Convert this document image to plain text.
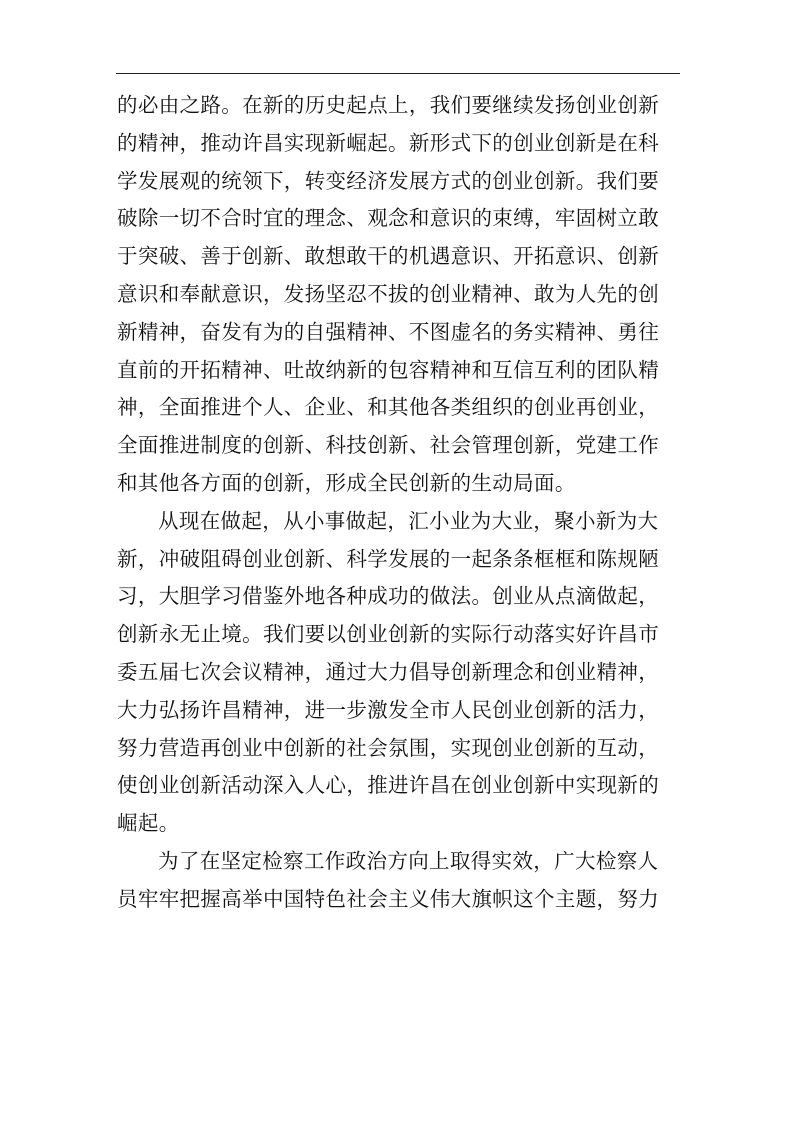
的必由之路。在新的历史起点上，我们要继续发扬创业创新
的精神，推动许昌实现新崛起。新形式下的创业创新是在科
学发展观的统领下，转变经济发展方式的创业创新。我们要
破除一切不合时宜的理念、观念和意识的束缚，牢固树立敢
于突破、善于创新、敢想敢干的机遇意识、开拓意识、创新
意识和奉献意识，发扬坚忍不拔的创业精神、敢为人先的创
新精神，奋发有为的自强精神、不图虚名的务实精神、勇往
直前的开拓精神、吐故纳新的包容精神和互信互利的团队精
神，全面推进个人、企业、和其他各类组织的创业再创业，
全面推进制度的创新、科技创新、社会管理创新，党建工作
和其他各方面的创新，形成全民创新的生动局面。
从现在做起，从小事做起，汇小业为大业，聚小新为大
新，冲破阻碍创业创新、科学发展的一起条条框框和陈规陋
习，大胆学习借鉴外地各种成功的做法。创业从点滴做起，
创新永无止境。我们要以创业创新的实际行动落实好许昌市
委五届七次会议精神，通过大力倡导创新理念和创业精神，
大力弘扬许昌精神，进一步激发全市人民创业创新的活力，
努力营造再创业中创新的社会氛围，实现创业创新的互动，
使创业创新活动深入人心，推进许昌在创业创新中实现新的
崛起。
为了在坚定检察工作政治方向上取得实效，广大检察人
员牢牢把握高举中国特色社会主义伟大旗帜这个主题，努力
